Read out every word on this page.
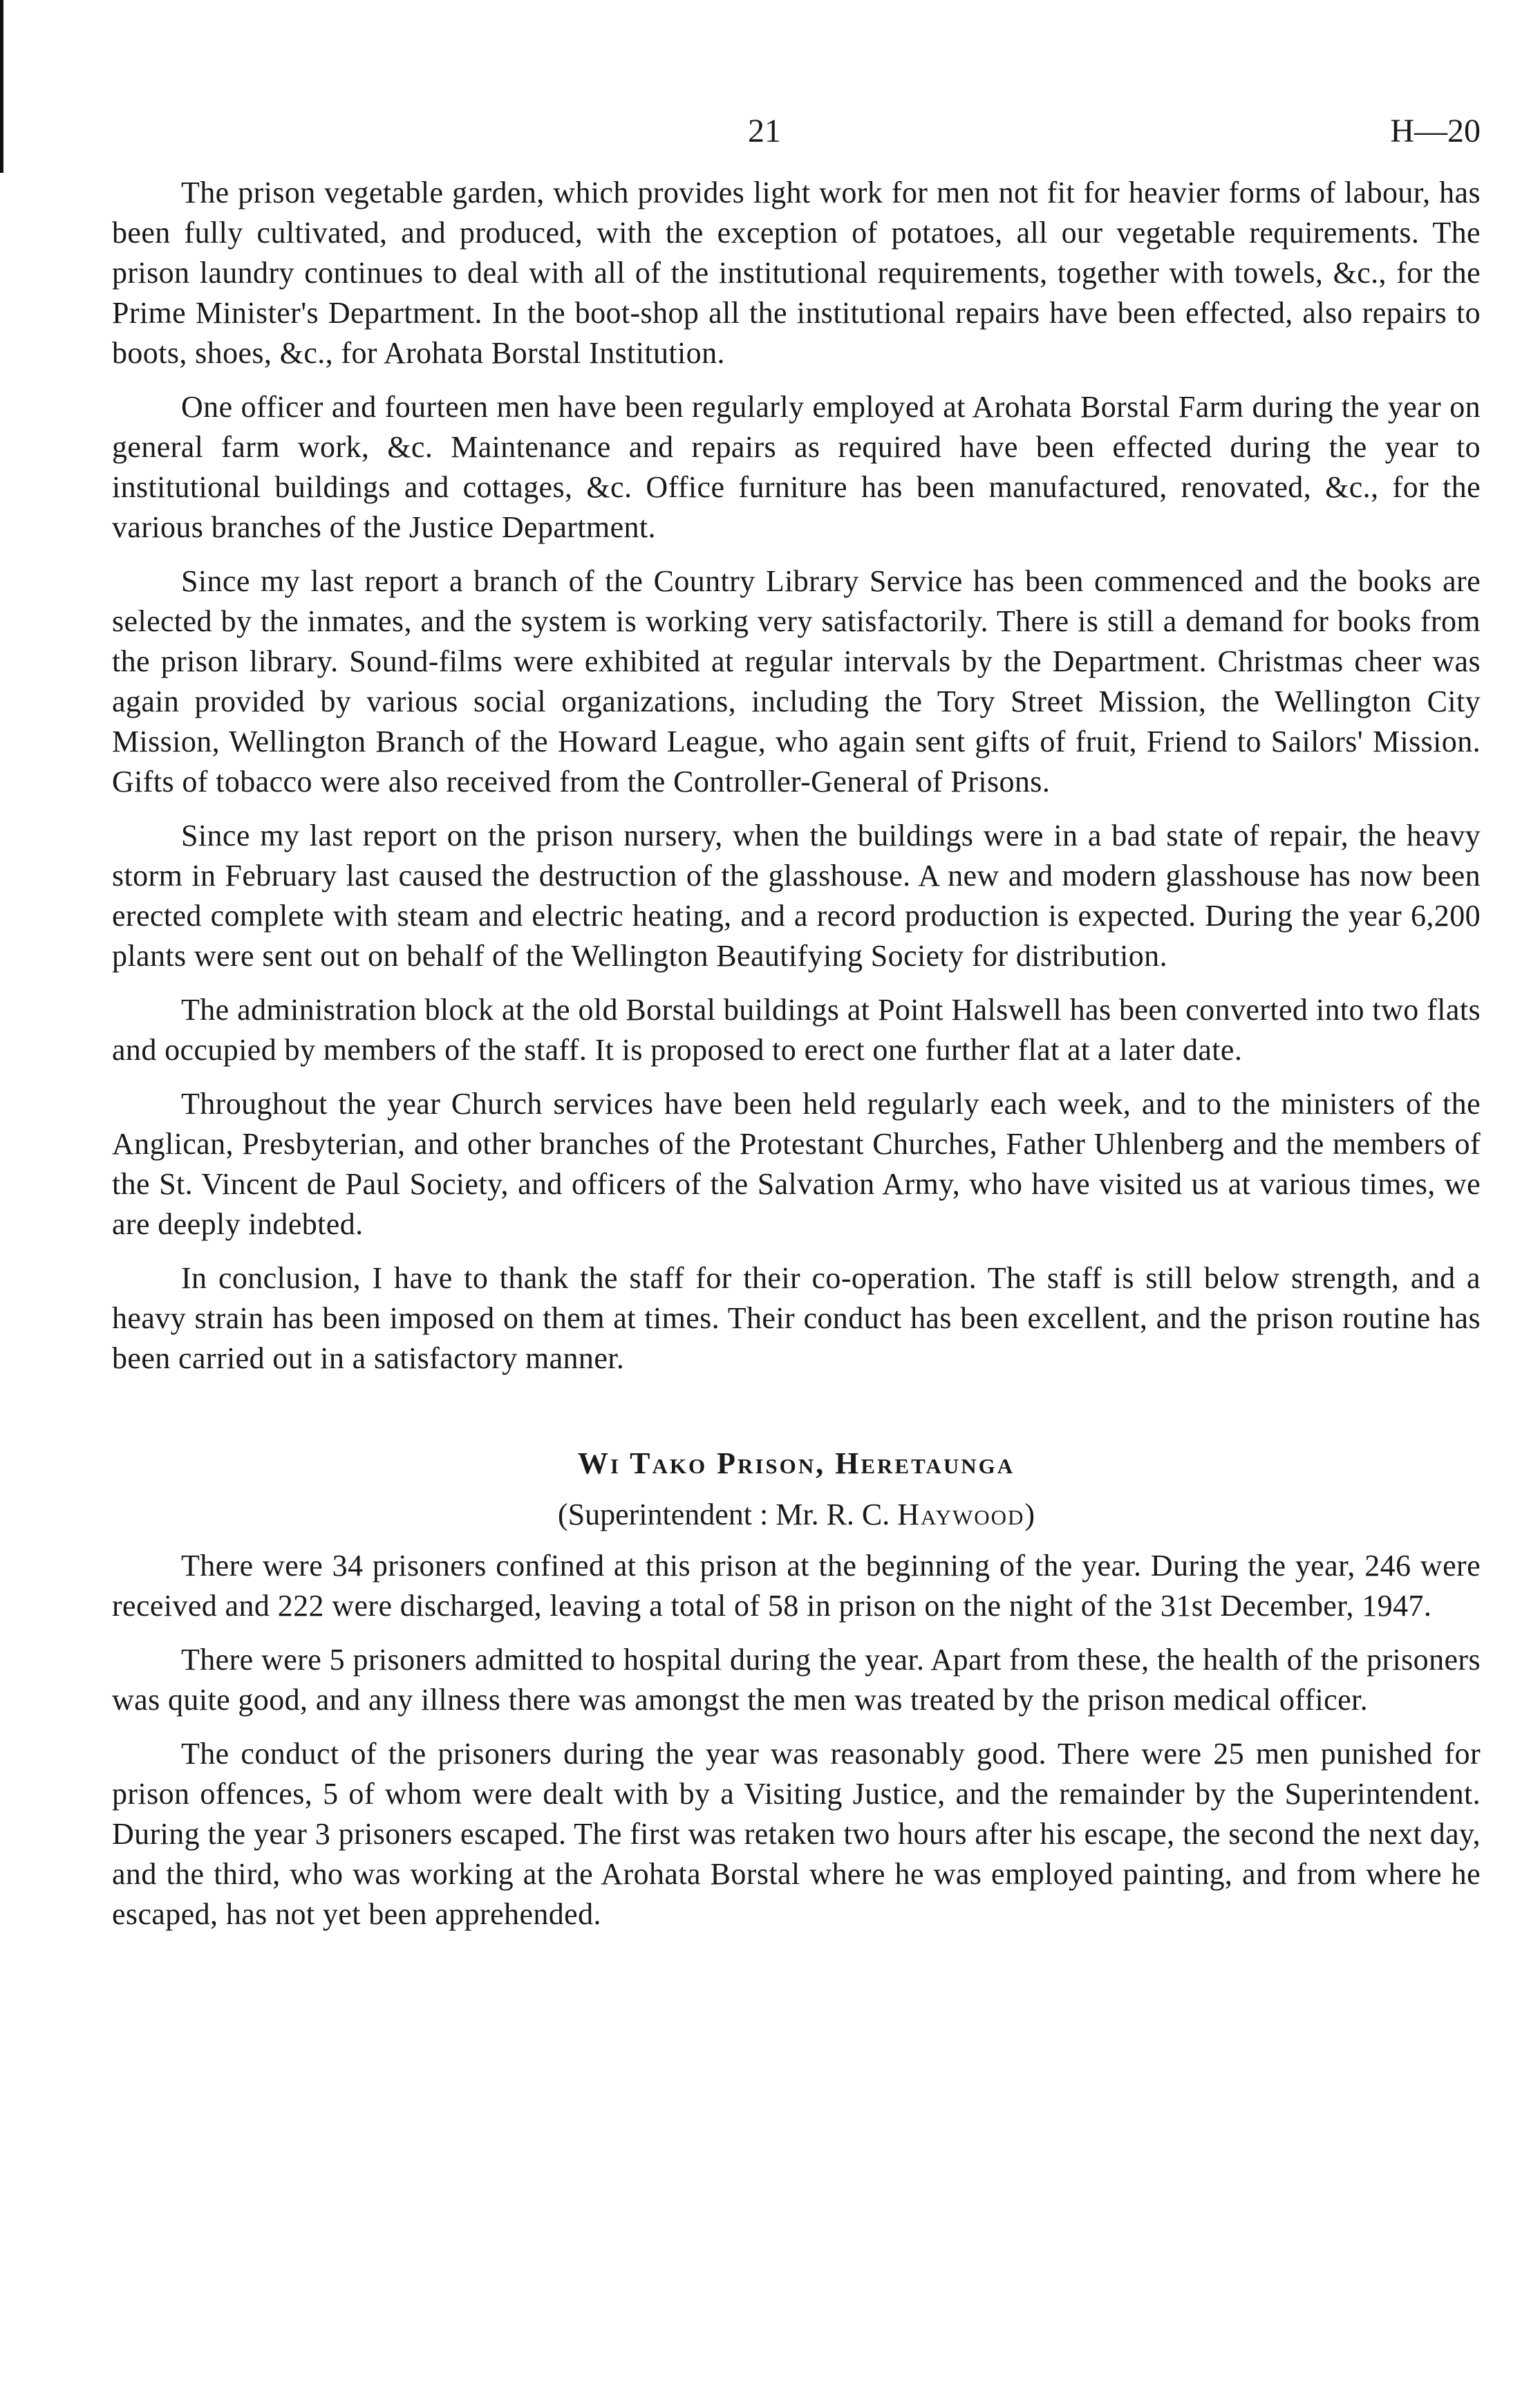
21	H—20

The prison vegetable garden, which provides light work for men not fit for heavier forms of labour, has been fully cultivated, and produced, with the exception of potatoes, all our vegetable requirements. The prison laundry continues to deal with all of the institutional requirements, together with towels, &c., for the Prime Minister's Department. In the boot-shop all the institutional repairs have been effected, also repairs to boots, shoes, &c., for Arohata Borstal Institution.

One officer and fourteen men have been regularly employed at Arohata Borstal Farm during the year on general farm work, &c. Maintenance and repairs as required have been effected during the year to institutional buildings and cottages, &c. Office furniture has been manufactured, renovated, &c., for the various branches of the Justice Department.

Since my last report a branch of the Country Library Service has been commenced and the books are selected by the inmates, and the system is working very satisfactorily. There is still a demand for books from the prison library. Sound-films were exhibited at regular intervals by the Department. Christmas cheer was again provided by various social organizations, including the Tory Street Mission, the Wellington City Mission, Wellington Branch of the Howard League, who again sent gifts of fruit, Friend to Sailors' Mission. Gifts of tobacco were also received from the Controller-General of Prisons.

Since my last report on the prison nursery, when the buildings were in a bad state of repair, the heavy storm in February last caused the destruction of the glasshouse. A new and modern glasshouse has now been erected complete with steam and electric heating, and a record production is expected. During the year 6,200 plants were sent out on behalf of the Wellington Beautifying Society for distribution.

The administration block at the old Borstal buildings at Point Halswell has been converted into two flats and occupied by members of the staff. It is proposed to erect one further flat at a later date.

Throughout the year Church services have been held regularly each week, and to the ministers of the Anglican, Presbyterian, and other branches of the Protestant Churches, Father Uhlenberg and the members of the St. Vincent de Paul Society, and officers of the Salvation Army, who have visited us at various times, we are deeply indebted.

In conclusion, I have to thank the staff for their co-operation. The staff is still below strength, and a heavy strain has been imposed on them at times. Their conduct has been excellent, and the prison routine has been carried out in a satisfactory manner.

Wi Tako Prison, Heretaunga
(Superintendent : Mr. R. C. Haywood)

There were 34 prisoners confined at this prison at the beginning of the year. During the year, 246 were received and 222 were discharged, leaving a total of 58 in prison on the night of the 31st December, 1947.

There were 5 prisoners admitted to hospital during the year. Apart from these, the health of the prisoners was quite good, and any illness there was amongst the men was treated by the prison medical officer.

The conduct of the prisoners during the year was reasonably good. There were 25 men punished for prison offences, 5 of whom were dealt with by a Visiting Justice, and the remainder by the Superintendent. During the year 3 prisoners escaped. The first was retaken two hours after his escape, the second the next day, and the third, who was working at the Arohata Borstal where he was employed painting, and from where he escaped, has not yet been apprehended.
